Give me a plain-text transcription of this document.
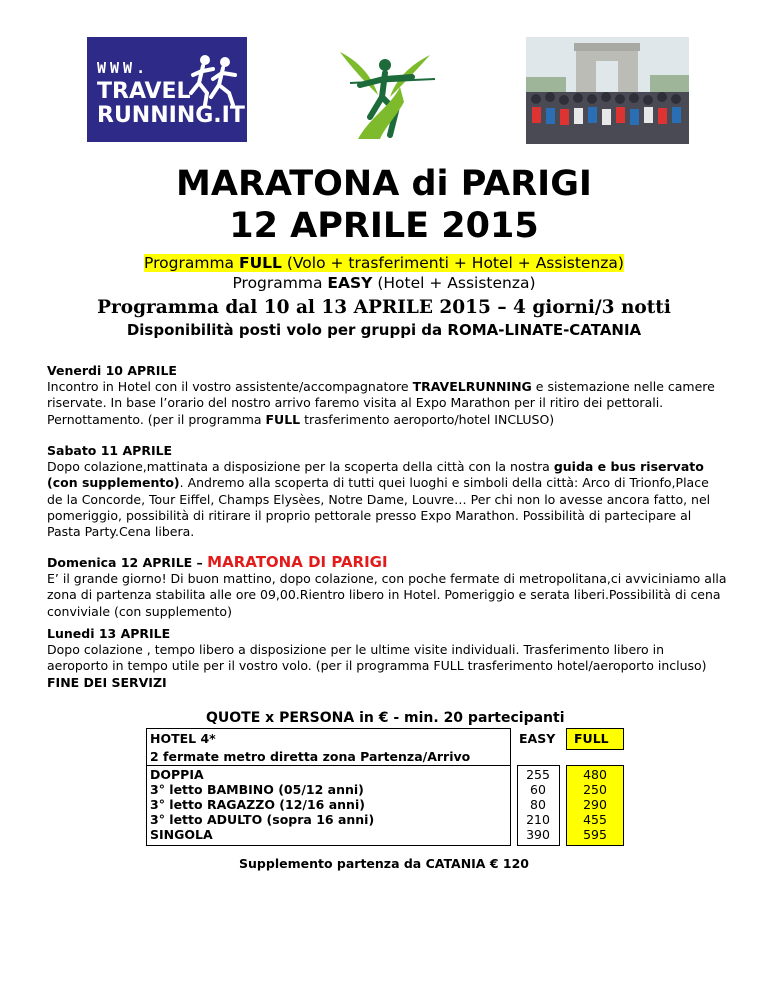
WWW.
TRAVEL
RUNNING.IT
MARATONA di PARIGI
12 APRILE 2015
Programma FULL (Volo + trasferimenti + Hotel + Assistenza)
Programma EASY (Hotel + Assistenza)
Programma dal 10 al 13 APRILE 2015 – 4 giorni/3 notti
Disponibilità posti volo per gruppi da ROMA-LINATE-CATANIA
Venerdi 10 APRILE
Incontro in Hotel con il vostro assistente/accompagnatore TRAVELRUNNING e sistemazione nelle camere riservate. In base l’orario del nostro arrivo faremo visita al Expo Marathon per il ritiro dei pettorali. Pernottamento. (per il programma FULL trasferimento aeroporto/hotel INCLUSO)
Sabato 11 APRILE
Dopo colazione,mattinata a disposizione per la scoperta della città con la nostra guida e bus riservato (con supplemento). Andremo alla scoperta di tutti quei luoghi e simboli della città: Arco di Trionfo,Place de la Concorde, Tour Eiffel, Champs Elysèes, Notre Dame, Louvre… Per chi non lo avesse ancora fatto, nel pomeriggio, possibilità di ritirare il proprio pettorale presso Expo Marathon. Possibilità di partecipare al Pasta Party.Cena libera.
Domenica 12 APRILE – MARATONA DI PARIGI
E’ il grande giorno! Di buon mattino, dopo colazione, con poche fermate di metropolitana,ci avviciniamo alla zona di partenza stabilita alle ore 09,00.Rientro libero in Hotel. Pomeriggio e serata liberi.Possibilità di cena conviviale (con supplemento)
Lunedi 13 APRILE
Dopo colazione , tempo libero a disposizione per le ultime visite individuali. Trasferimento libero in aeroporto in tempo utile per il vostro volo. (per il programma FULL trasferimento hotel/aeroporto incluso)
FINE DEI SERVIZI
QUOTE x PERSONA in € - min. 20 partecipanti
HOTEL 4*
2 fermate metro diretta zona Partenza/Arrivo
EASY FULL
DOPPIA	255	480
3° letto BAMBINO (05/12 anni)	60	250
3° letto RAGAZZO (12/16 anni)	80	290
3° letto ADULTO (sopra 16 anni)	210	455
SINGOLA	390	595
Supplemento partenza da CATANIA € 120
